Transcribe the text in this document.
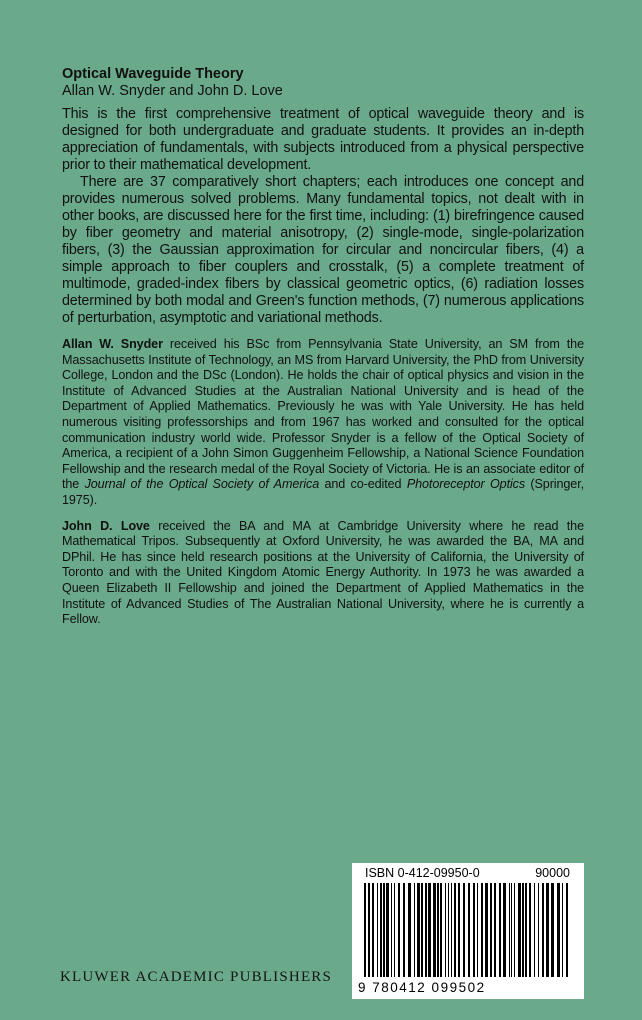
Optical Waveguide Theory
Allan W. Snyder and John D. Love

This is the first comprehensive treatment of optical waveguide theory and is designed for both undergraduate and graduate students. It provides an in-depth appreciation of fundamentals, with subjects introduced from a physical perspective prior to their mathematical development.

There are 37 comparatively short chapters; each introduces one concept and provides numerous solved problems. Many fundamental topics, not dealt with in other books, are discussed here for the first time, including: (1) birefringence caused by fiber geometry and material anisotropy, (2) single-mode, single-polarization fibers, (3) the Gaussian approximation for circular and noncircular fibers, (4) a simple approach to fiber couplers and crosstalk, (5) a complete treatment of multimode, graded-index fibers by classical geometric optics, (6) radiation losses determined by both modal and Green's function methods, (7) numerous applications of perturbation, asymptotic and variational methods.

Allan W. Snyder received his BSc from Pennsylvania State University, an SM from the Massachusetts Institute of Technology, an MS from Harvard University, the PhD from University College, London and the DSc (London). He holds the chair of optical physics and vision in the Institute of Advanced Studies at the Australian National University and is head of the Department of Applied Mathematics. Previously he was with Yale University. He has held numerous visiting professorships and from 1967 has worked and consulted for the optical communication industry world wide. Professor Snyder is a fellow of the Optical Society of America, a recipient of a John Simon Guggenheim Fellowship, a National Science Foundation Fellowship and the research medal of the Royal Society of Victoria. He is an associate editor of the Journal of the Optical Society of America and co-edited Photoreceptor Optics (Springer, 1975).

John D. Love received the BA and MA at Cambridge University where he read the Mathematical Tripos. Subsequently at Oxford University, he was awarded the BA, MA and DPhil. He has since held research positions at the University of California, the University of Toronto and with the United Kingdom Atomic Energy Authority. In 1973 he was awarded a Queen Elizabeth II Fellowship and joined the Department of Applied Mathematics in the Institute of Advanced Studies of The Australian National University, where he is currently a Fellow.

ISBN 0-412-09950-0	90000

9 780412 099502

KLUWER ACADEMIC PUBLISHERS
